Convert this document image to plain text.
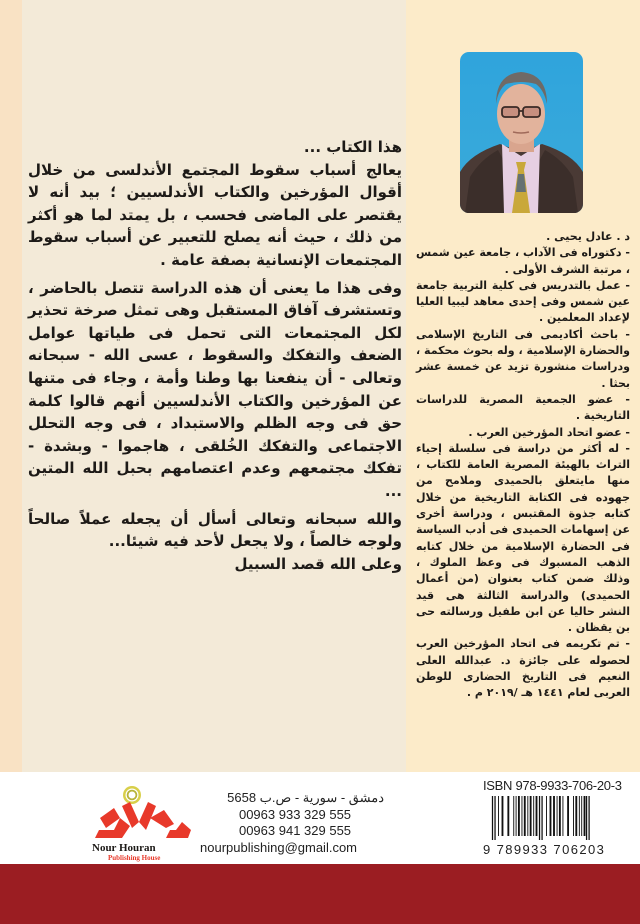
هذا الكتاب ...

يعالج أسباب سقوط المجتمع الأندلسى من خلال أقوال المؤرخين والكتاب الأندلسيين ؛ بيد أنه لا يقتصر على الماضى فحسب ، بل يمتد لما هو أكثر من ذلك ، حيث أنه يصلح للتعبير عن أسباب سقوط المجتمعات الإنسانية بصفة عامة .

وفى هذا ما يعنى أن هذه الدراسة تتصل بالحاضر ، وتستشرف آفاق المستقبل وهى تمثل صرخة تحذير لكل المجتمعات التى تحمل فى طياتها عوامل الضعف والتفكك والسقوط ، عسى الله - سبحانه وتعالى - أن ينفعنا بها وطنا وأمة ، وجاء فى متنها عن المؤرخين والكتاب الأندلسيين أنهم قالوا كلمة حق فى وجه الظلم والاستبداد ، فى وجه التحلل الاجتماعى والتفكك الخُلقى ، هاجموا - وبشدة - تفكك مجتمعهم وعدم اعتصامهم بحبل الله المتين ...

والله سبحانه وتعالى أسأل أن يجعله عملاً صالحاً ولوجه خالصاً ، ولا يجعل لأحد فيه شيئا...

وعلى الله قصد السبيل

د . عادل يحيى .
- دكتوراه فى الآداب ، جامعة عين شمس ، مرتبة الشرف الأولى .
- عمل بالتدريس فى كلية التربية جامعة عين شمس وفى إحدى معاهد ليبيا العليا لإعداد المعلمين .
- باحث أكاديمى فى التاريخ الإسلامى والحضارة الإسلامية ، وله بحوث محكمة ، ودراسات منشورة تزيد عن خمسة عشر بحثا .
- عضو الجمعية المصرية للدراسات التاريخية .
- عضو اتحاد المؤرخين العرب .
- له أكثر من دراسة فى سلسلة إحياء التراث بالهيئة المصرية العامة للكتاب ، منها مايتعلق بالحميدى وملامح من جهوده فى الكتابة التاريخية من خلال كتابه جذوة المقتبس ، ودراسة أخرى عن إسهامات الحميدى فى أدب السياسة فى الحضارة الإسلامية من خلال كتابه الذهب المسبوك فى وعظ الملوك ، وذلك ضمن كتاب بعنوان (من أعمال الحميدى) والدراسة الثالثة هى قيد النشر حاليا عن ابن طفيل ورسالته حى بن يقظان .
- تم تكريمه فى اتحاد المؤرخين العرب لحصوله على جائزة د. عبدالله العلى النعيم فى التاريخ الحضارى للوطن العربى لعام ١٤٤١ هـ /٢٠١٩ م .
Nour Houran
Publishing House
دمشق - سورية - ص.ب 5658
00963 933 329 555
00963 941 329 555
nourpublishing@gmail.com
ISBN 978-9933-706-20-3
9 789933 706203
